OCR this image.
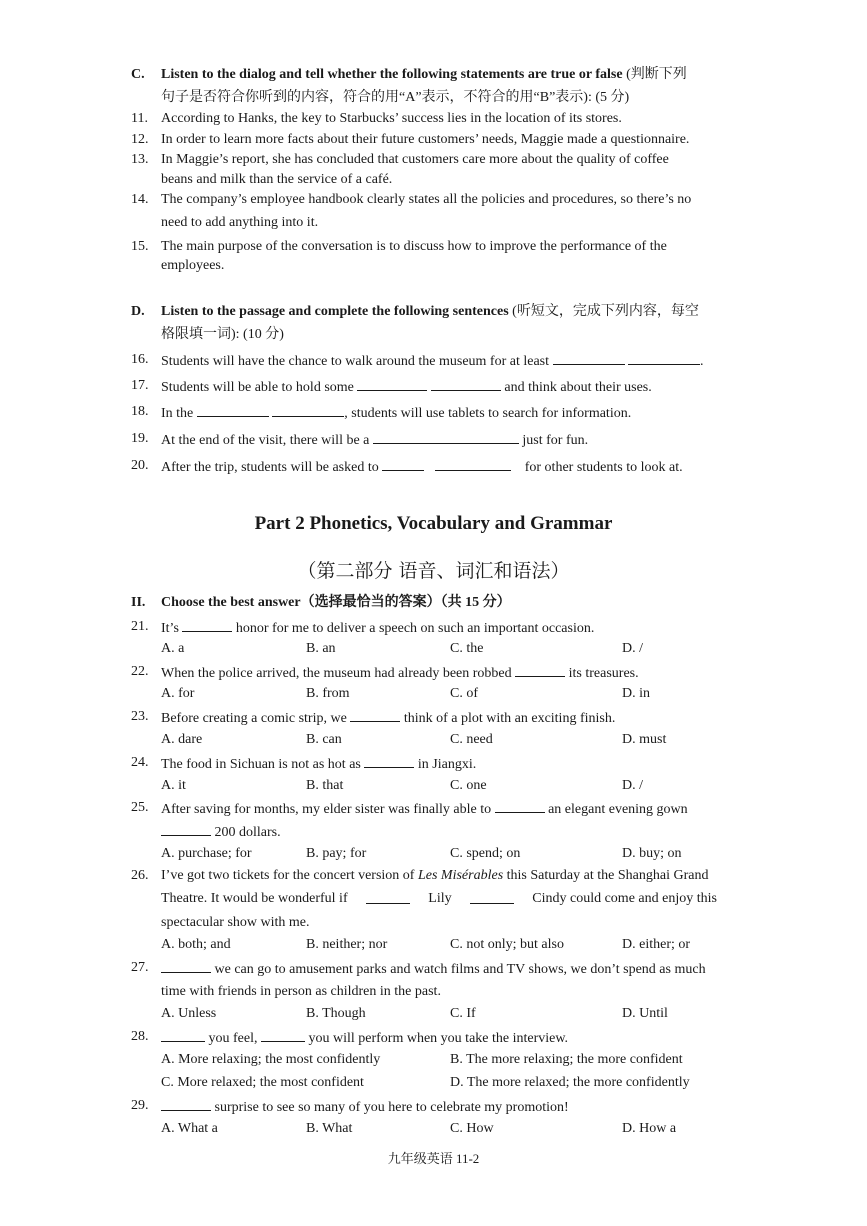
C. Listen to the dialog and tell whether the following statements are true or false (判断下列
句子是否符合你听到的内容，符合的用“A”表示，不符合的用“B”表示): (5 分)
11. According to Hanks, the key to Starbucks’ success lies in the location of its stores.
12. In order to learn more facts about their future customers’ needs, Maggie made a questionnaire.
13. In Maggie’s report, she has concluded that customers care more about the quality of coffee
beans and milk than the service of a café.
14. The company’s employee handbook clearly states all the policies and procedures, so there’s no
need to add anything into it.
15. The main purpose of the conversation is to discuss how to improve the performance of the
employees.
D. Listen to the passage and complete the following sentences (听短文，完成下列内容，每空
格限填一词): (10 分)
16. Students will have the chance to walk around the museum for at least	.
17. Students will be able to hold some	and think about their uses.
18. In the	, students will use tablets to search for information.
19. At the end of the visit, there will be a	just for fun.
20. After the trip, students will be asked to	for other students to look at.
Part 2 Phonetics, Vocabulary and Grammar
（第二部分 语音、词汇和语法）
II. Choose the best answer（选择最恰当的答案）（共 15 分）
21. It’s	honor for me to deliver a speech on such an important occasion.
A. a	B. an	C. the	D. /
22. When the police arrived, the museum had already been robbed	its treasures.
A. for	B. from	C. of	D. in
23. Before creating a comic strip, we	think of a plot with an exciting finish.
A. dare	B. can	C. need	D. must
24. The food in Sichuan is not as hot as	in Jiangxi.
A. it	B. that	C. one	D. /
25. After saving for months, my elder sister was finally able to	an elegant evening gown
200 dollars.
A. purchase; for	B. pay; for	C. spend; on	D. buy; on
26. I’ve got two tickets for the concert version of Les Misérables this Saturday at the Shanghai Grand
Theatre. It would be wonderful if	Lily	Cindy could come and enjoy this
spectacular show with me.
A. both; and	B. neither; nor	C. not only; but also	D. either; or
27.	we can go to amusement parks and watch films and TV shows, we don’t spend as much
time with friends in person as children in the past.
A. Unless	B. Though	C. If	D. Until
28.	you feel,	you will perform when you take the interview.
A. More relaxing; the most confidently	B. The more relaxing; the more confident
C. More relaxed; the most confident	D. The more relaxed; the more confidently
29.	surprise to see so many of you here to celebrate my promotion!
A. What a	B. What	C. How	D. How a
九年级英语 11-2
